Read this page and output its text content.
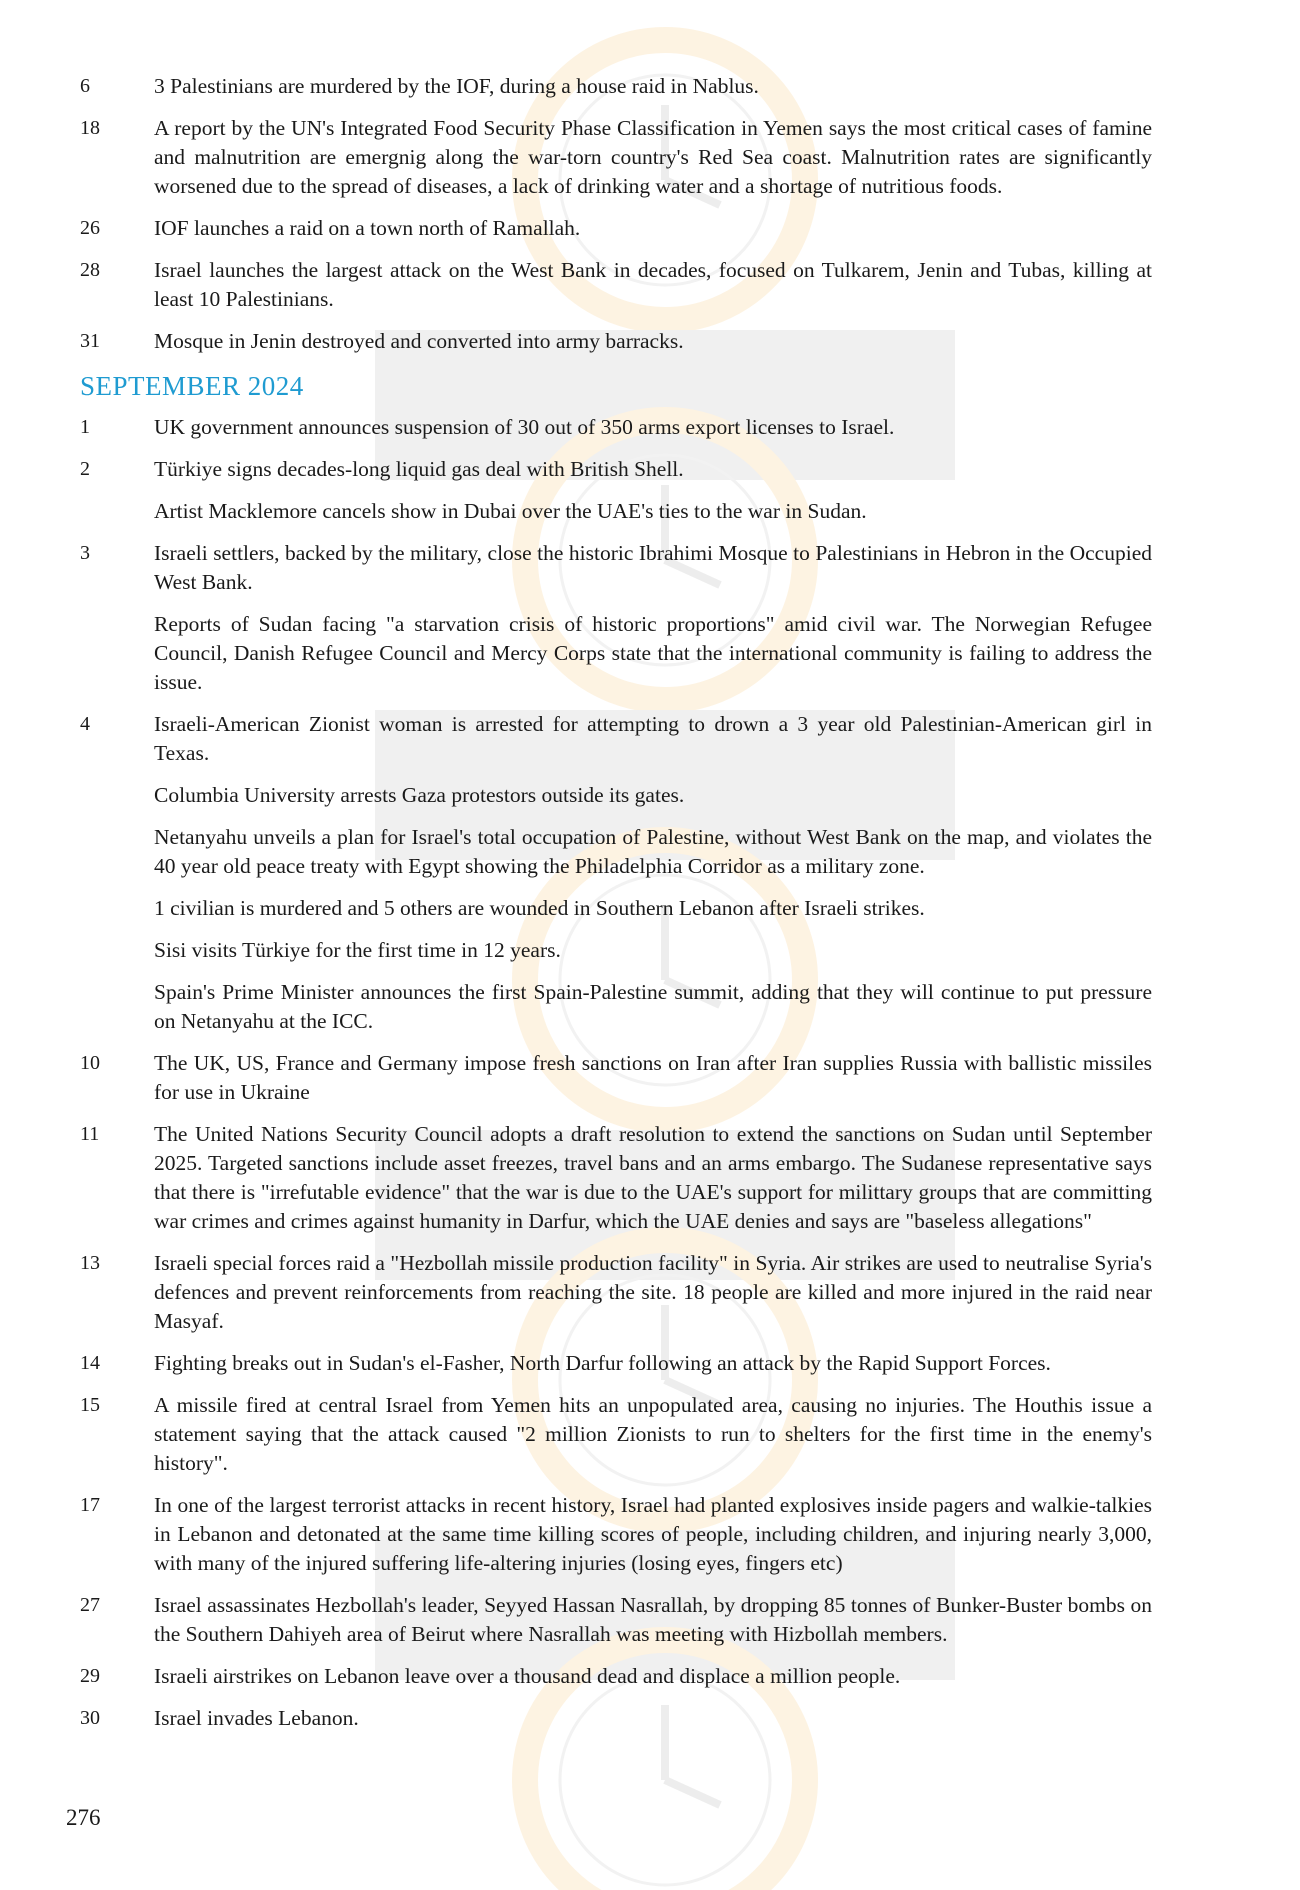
6	3 Palestinians are murdered by the IOF, during a house raid in Nablus.
18	A report by the UN's Integrated Food Security Phase Classification in Yemen says the most critical cases of famine and malnutrition are emergnig along the war-torn country's Red Sea coast. Malnutrition rates are significantly worsened due to the spread of diseases, a lack of drinking water and a shortage of nutritious foods.
26	IOF launches a raid on a town north of Ramallah.
28	Israel launches the largest attack on the West Bank in decades, focused on Tulkarem, Jenin and Tubas, killing at least 10 Palestinians.
31	Mosque in Jenin destroyed and converted into army barracks.
SEPTEMBER 2024
1	UK government announces suspension of 30 out of 350 arms export licenses to Israel.
2	Türkiye signs decades-long liquid gas deal with British Shell.
Artist Macklemore cancels show in Dubai over the UAE's ties to the war in Sudan.
3	Israeli settlers, backed by the military, close the historic Ibrahimi Mosque to Palestinians in Hebron in the Occupied West Bank.
Reports of Sudan facing "a starvation crisis of historic proportions" amid civil war. The Norwegian Refugee Council, Danish Refugee Council and Mercy Corps state that the international community is failing to address the issue.
4	Israeli-American Zionist woman is arrested for attempting to drown a 3 year old Palestinian-American girl in Texas.
Columbia University arrests Gaza protestors outside its gates.
Netanyahu unveils a plan for Israel's total occupation of Palestine, without West Bank on the map, and violates the 40 year old peace treaty with Egypt showing the Philadelphia Corridor as a military zone.
1 civilian is murdered and 5 others are wounded in Southern Lebanon after Israeli strikes.
Sisi visits Türkiye for the first time in 12 years.
Spain's Prime Minister announces the first Spain-Palestine summit, adding that they will continue to put pressure on Netanyahu at the ICC.
10	The UK, US, France and Germany impose fresh sanctions on Iran after Iran supplies Russia with ballistic missiles for use in Ukraine
11	The United Nations Security Council adopts a draft resolution to extend the sanctions on Sudan until September 2025. Targeted sanctions include asset freezes, travel bans and an arms embargo. The Sudanese representative says that there is "irrefutable evidence" that the war is due to the UAE's support for milittary groups that are committing war crimes and crimes against humanity in Darfur, which the UAE denies and says are "baseless allegations"
13	Israeli special forces raid a "Hezbollah missile production facility" in Syria. Air strikes are used to neutralise Syria's defences and prevent reinforcements from reaching the site. 18 people are killed and more injured in the raid near Masyaf.
14	Fighting breaks out in Sudan's el-Fasher, North Darfur following an attack by the Rapid Support Forces.
15	A missile fired at central Israel from Yemen hits an unpopulated area, causing no injuries. The Houthis issue a statement saying that the attack caused "2 million Zionists to run to shelters for the first time in the enemy's history".
17	In one of the largest terrorist attacks in recent history, Israel had planted explosives inside pagers and walkie-talkies in Lebanon and detonated at the same time killing scores of people, including children, and injuring nearly 3,000, with many of the injured suffering life-altering injuries (losing eyes, fingers etc)
27	Israel assassinates Hezbollah's leader, Seyyed Hassan Nasrallah, by dropping 85 tonnes of Bunker-Buster bombs on the Southern Dahiyeh area of Beirut where Nasrallah was meeting with Hizbollah members.
29	Israeli airstrikes on Lebanon leave over a thousand dead and displace a million people.
30	Israel invades Lebanon.
276
